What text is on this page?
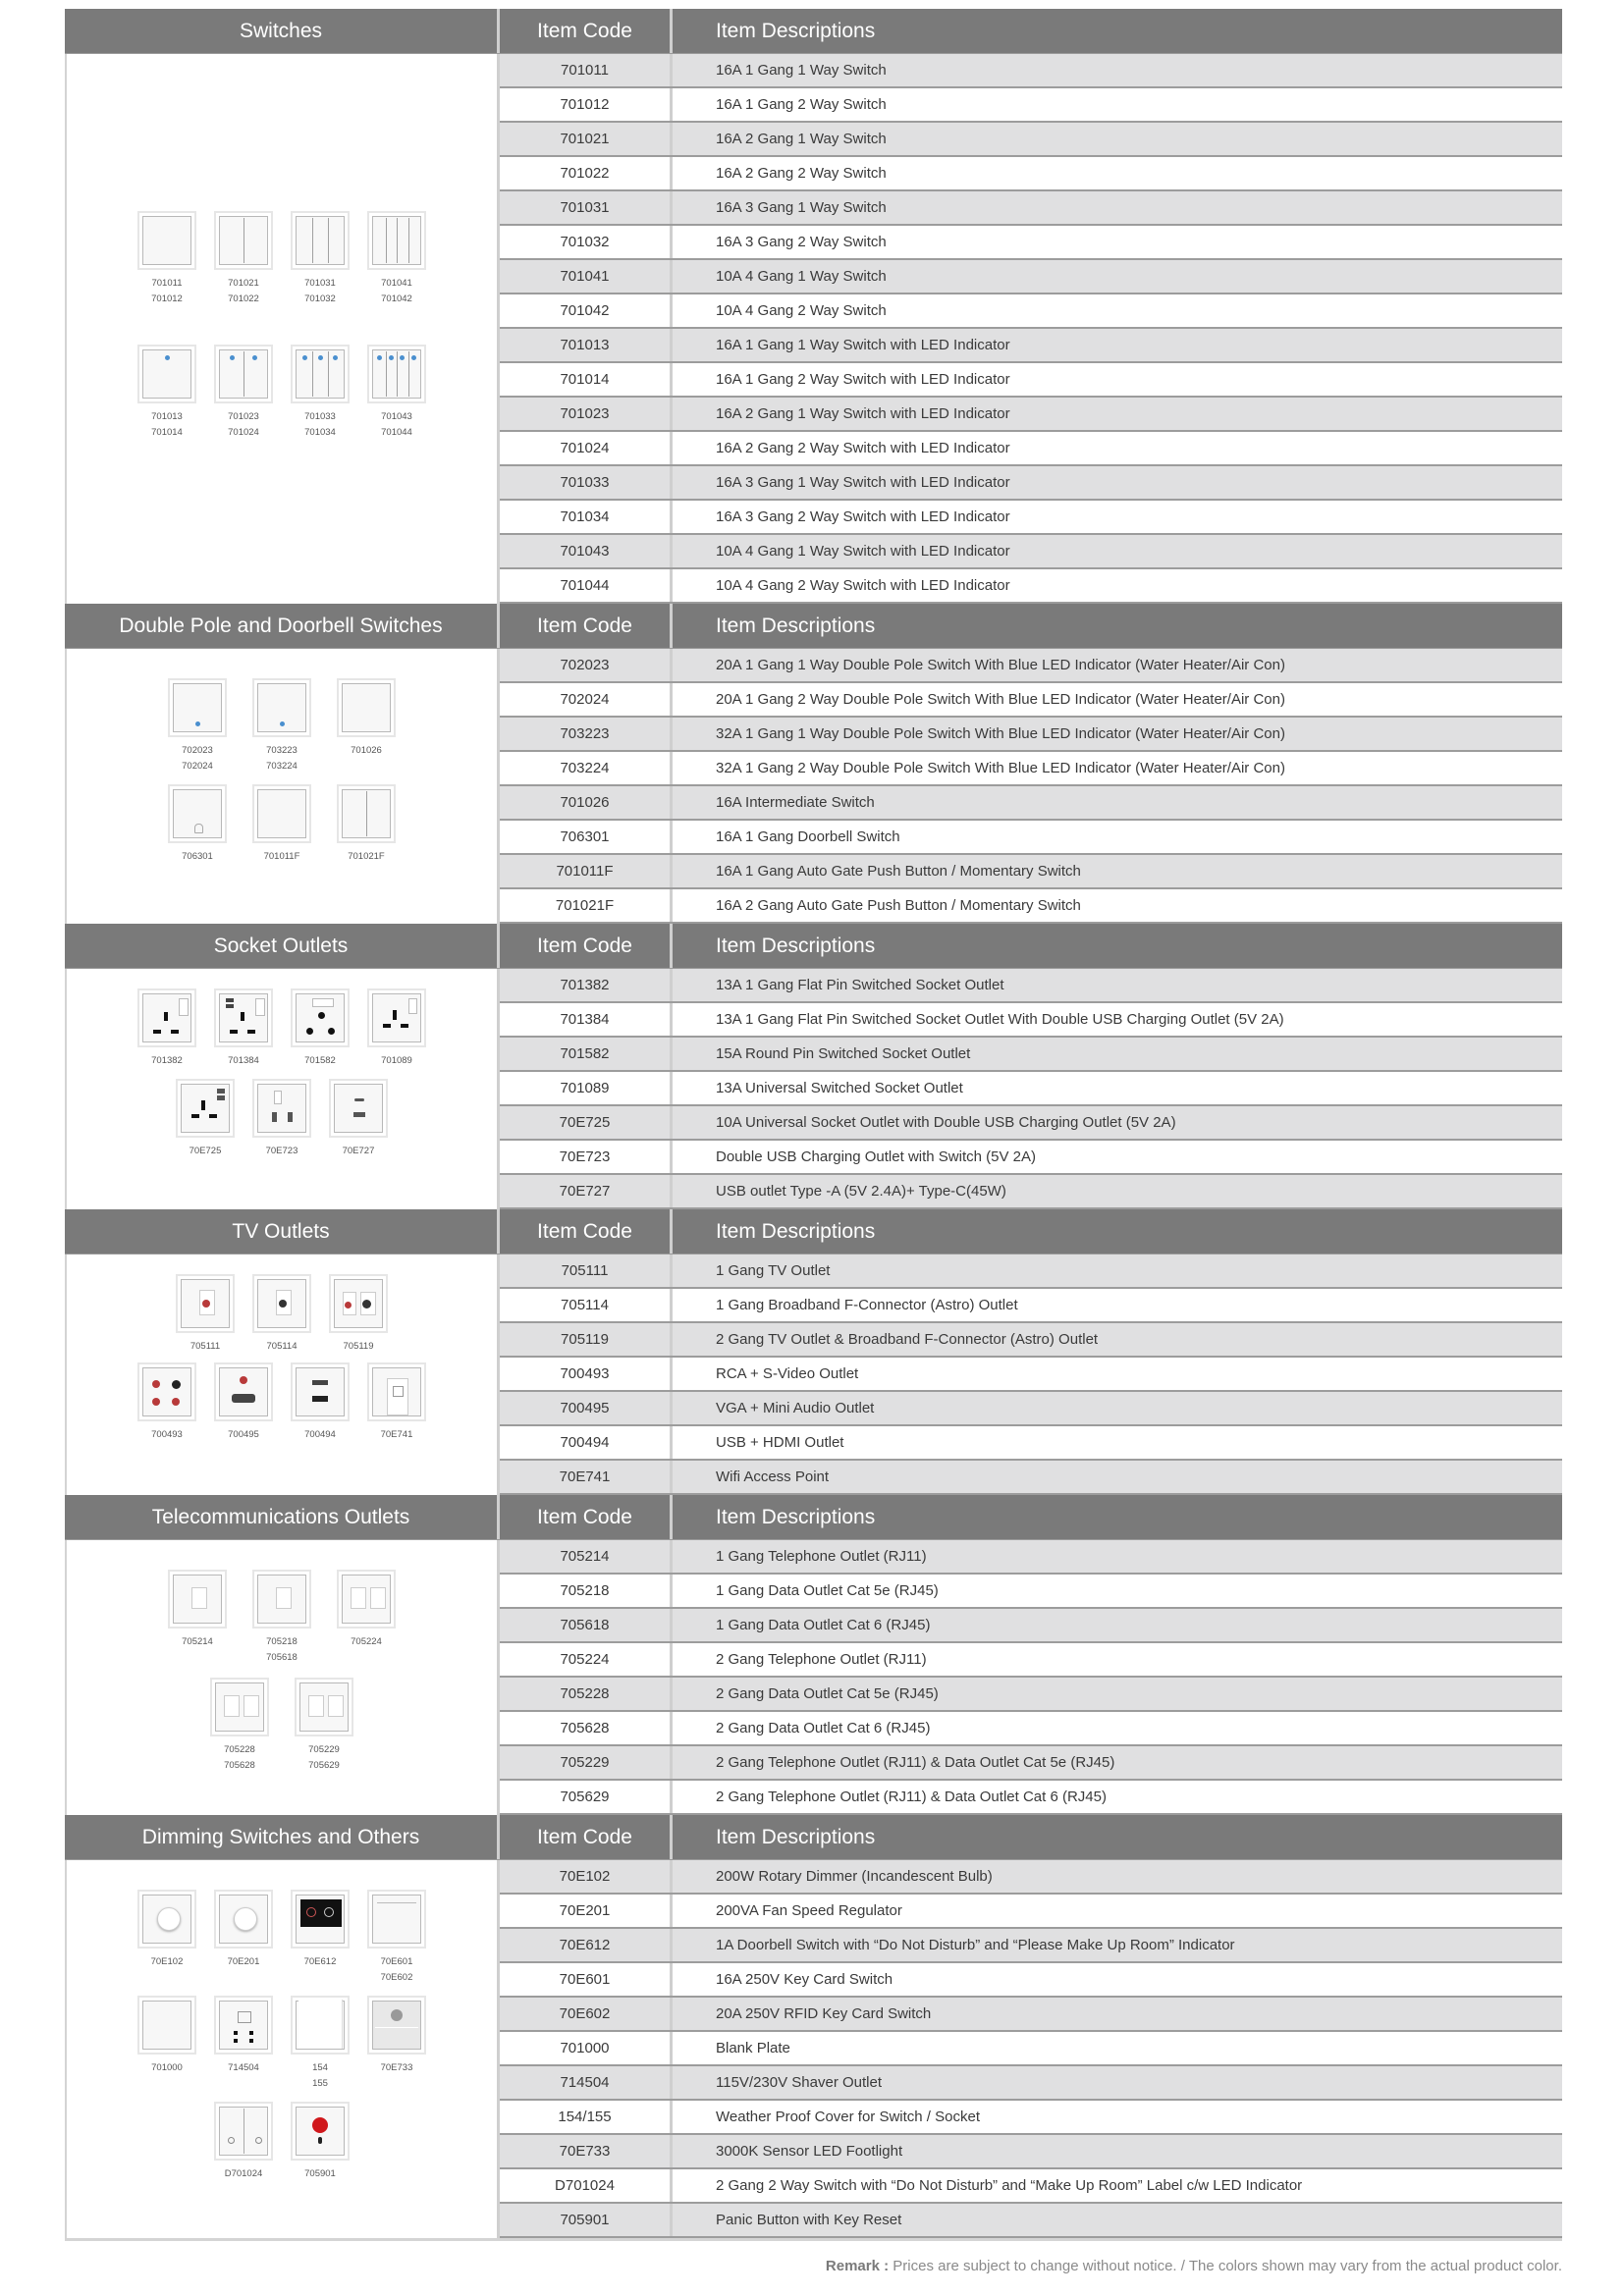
Switches	Item Code	Item Descriptions
701011
701012
701021
701022
701031
701032
701041
701042
701013
701014
701023
701024
701033
701034
701043
701044
701011	16A 1 Gang 1 Way Switch
701012	16A 1 Gang 2 Way Switch
701021	16A 2 Gang 1 Way Switch
701022	16A 2 Gang 2 Way Switch
701031	16A 3 Gang 1 Way Switch
701032	16A 3 Gang 2 Way Switch
701041	10A 4 Gang 1 Way Switch
701042	10A 4 Gang 2 Way Switch
701013	16A 1 Gang 1 Way Switch with LED Indicator
701014	16A 1 Gang 2 Way Switch with LED Indicator
701023	16A 2 Gang 1 Way Switch with LED Indicator
701024	16A 2 Gang 2 Way Switch with LED Indicator
701033	16A 3 Gang 1 Way Switch with LED Indicator
701034	16A 3 Gang 2 Way Switch with LED Indicator
701043	10A 4 Gang 1 Way Switch with LED Indicator
701044	10A 4 Gang 2 Way Switch with LED Indicator
Double Pole and Doorbell Switches	Item Code	Item Descriptions
702023
702024
703223
703224
701026
706301	701011F	701021F
702023	20A 1 Gang 1 Way Double Pole Switch With Blue LED Indicator (Water Heater/Air Con)
702024	20A 1 Gang 2 Way Double Pole Switch With Blue LED Indicator (Water Heater/Air Con)
703223	32A 1 Gang 1 Way Double Pole Switch With Blue LED Indicator (Water Heater/Air Con)
703224	32A 1 Gang 2 Way Double Pole Switch With Blue LED Indicator (Water Heater/Air Con)
701026	16A Intermediate Switch
706301	16A 1 Gang Doorbell Switch
701011F	16A 1 Gang Auto Gate Push Button / Momentary Switch
701021F	16A 2 Gang Auto Gate Push Button / Momentary Switch
Socket Outlets	Item Code	Item Descriptions
701382	701384	701582	701089
70E725	70E723	70E727
701382	13A 1 Gang Flat Pin Switched Socket Outlet
701384	13A 1 Gang Flat Pin Switched Socket Outlet With Double USB Charging Outlet (5V 2A)
701582	15A Round Pin Switched Socket Outlet
701089	13A Universal Switched Socket Outlet
70E725	10A Universal Socket Outlet with Double USB Charging Outlet (5V 2A)
70E723	Double USB Charging Outlet with Switch (5V 2A)
70E727	USB outlet Type -A (5V 2.4A)+ Type-C(45W)
TV Outlets	Item Code	Item Descriptions
705111	705114	705119
700493	700495	700494	70E741
705111	1 Gang TV Outlet
705114	1 Gang Broadband F-Connector (Astro) Outlet
705119	2 Gang TV Outlet & Broadband F-Connector (Astro) Outlet
700493	RCA + S-Video Outlet
700495	VGA + Mini Audio Outlet
700494	USB + HDMI Outlet
70E741	Wifi Access Point
Telecommunications Outlets	Item Code	Item Descriptions
705214	705218
705618
705224
705228
705628
705229
705629
705214	1 Gang Telephone Outlet (RJ11)
705218	1 Gang Data Outlet Cat 5e (RJ45)
705618	1 Gang Data Outlet Cat 6 (RJ45)
705224	2 Gang Telephone Outlet (RJ11)
705228	2 Gang Data Outlet Cat 5e (RJ45)
705628	2 Gang Data Outlet Cat 6 (RJ45)
705229	2 Gang Telephone Outlet (RJ11) & Data Outlet Cat 5e (RJ45)
705629	2 Gang Telephone Outlet (RJ11) & Data Outlet Cat 6 (RJ45)
Dimming Switches and Others	Item Code	Item Descriptions
70E102	70E201	70E612	70E601
70E602
701000	714504	154
155
70E733
D701024	705901
70E102	200W Rotary Dimmer (Incandescent Bulb)
70E201	200VA Fan Speed Regulator
70E612	1A Doorbell Switch with “Do Not Disturb” and “Please Make Up Room” Indicator
70E601	16A 250V Key Card Switch
70E602	20A 250V RFID Key Card Switch
701000	Blank Plate
714504	115V/230V Shaver Outlet
154/155	Weather Proof Cover for Switch / Socket
70E733	3000K Sensor LED Footlight
D701024	2 Gang 2 Way Switch with “Do Not Disturb” and “Make Up Room” Label c/w LED Indicator
705901	Panic Button with Key Reset
Remark : Prices are subject to change without notice. / The colors shown may vary from the actual product color.
